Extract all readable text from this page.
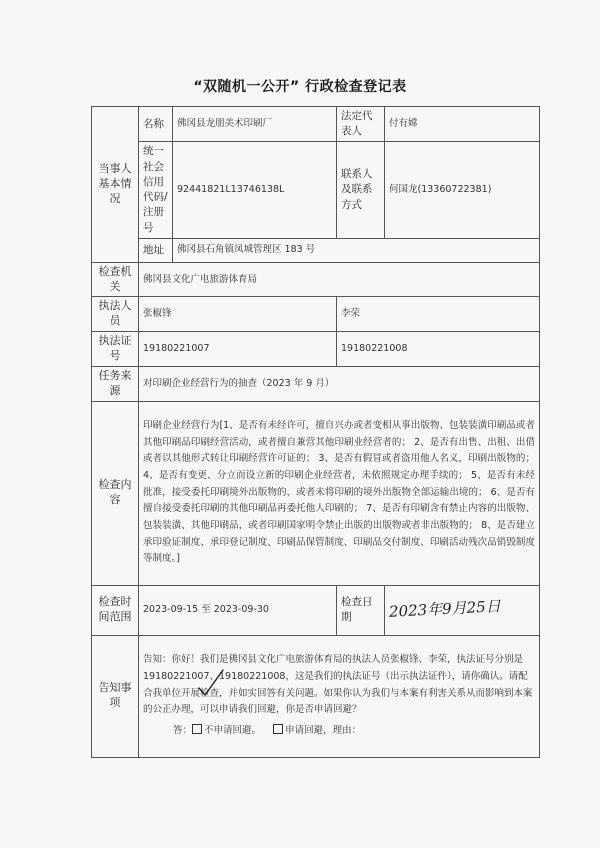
“双随机一公开” 行政检查登记表
当事人基本情况	名称	佛冈县龙朋美术印刷厂	法定代表人	付有嫦
	统一社会信用代码/注册号	92441821L13746138L	联系人及联系方式	何国龙(13360722381)
	地址	佛冈县石角镇凤城管理区 183 号		
检查机关	佛冈县文化广电旅游体育局			
执法人员	张椒锋		李荣	
执法证号	19180221007		19180221008	
任务来源	对印刷企业经营行为的抽查（2023 年 9 月）			
检查内容	印刷企业经营行为[1、是否有未经许可，擅自兴办或者变相从事出版物、包装装潢印刷品或者其他印刷品印刷经营活动，或者擅自兼营其他印刷业经营者的； 2、是否有出售、出租、出借或者以其他形式转让印刷经营许可证的； 3、是否有假冒或者盗用他人名义，印刷出版物的； 4、是否有变更、分立而设立新的印刷企业经营者，未依照规定办理手续的； 5、是否有未经批准，接受委托印刷境外出版物的，或者未将印刷的境外出版物全部运输出境的； 6、是否有擅自接受委托印刷的其他印刷品再委托他人印刷的； 7、是否有印刷含有禁止内容的出版物、包装装潢、其他印刷品，或者印刷国家明令禁止出版的出版物或者非出版物的； 8、是否建立承印验证制度、承印登记制度、印刷品保管制度、印刷品交付制度、印刷活动残次品销毁制度等制度。]			
检查时间范围	2023-09-15 至 2023-09-30		检查日期	2023年9月25日
告知事项	告知：你好！我们是佛冈县文化广电旅游体育局的执法人员张椒锋、李荣，执法证号分别是 19180221007、19180221008，这是我们的执法证号（出示执法证件），请你确认。请配合我单位开展检查，并如实回答有关问题。如果你认为我们与本案有利害关系从而影响到本案的公正办理，可以申请我们回避，你是否申请回避？
答： 不申请回避。 申请回避，理由：			
